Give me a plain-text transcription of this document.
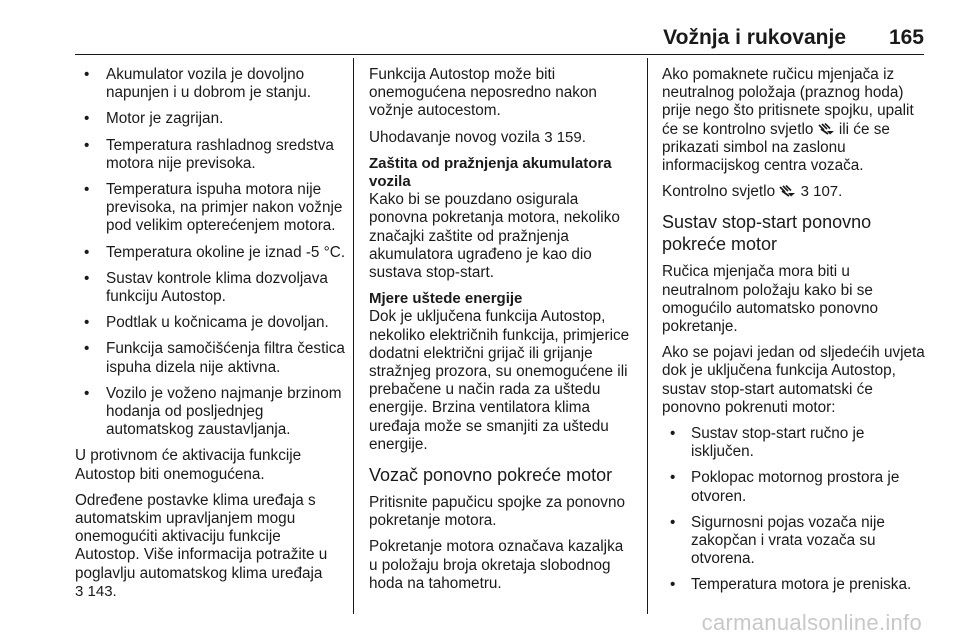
Vožnja i rukovanje 165
• Akumulator vozila je dovoljno napunjen i u dobrom je stanju.
• Motor je zagrijan.
• Temperatura rashladnog sredstva motora nije previsoka.
• Temperatura ispuha motora nije previsoka, na primjer nakon vožnje pod velikim opterećenjem motora.
• Temperatura okoline je iznad -5 °C.
• Sustav kontrole klima dozvoljava funkciju Autostop.
• Podtlak u kočnicama je dovoljan.
• Funkcija samočišćenja filtra čestica ispuha dizela nije aktivna.
• Vozilo je voženo najmanje brzinom hodanja od posljednjeg automatskog zaustavljanja.

U protivnom će aktivacija funkcije Autostop biti onemogućena.

Određene postavke klima uređaja s automatskim upravljanjem mogu onemogućiti aktivaciju funkcije Autostop. Više informacija potražite u poglavlju automatskog klima uređaja
3 143.

Funkcija Autostop može biti onemogućena neposredno nakon vožnje autocestom.

Uhodavanje novog vozila 3 159.

Zaštita od pražnjenja akumulatora vozila

Kako bi se pouzdano osigurala ponovna pokretanja motora, nekoliko značajki zaštite od pražnjenja akumulatora ugrađeno je kao dio sustava stop-start.

Mjere uštede energije

Dok je uključena funkcija Autostop, nekoliko električnih funkcija, primjerice dodatni električni grijač ili grijanje stražnjeg prozora, su onemogućene ili prebačene u način rada za uštedu energije. Brzina ventilatora klima uređaja može se smanjiti za uštedu energije.

Vozač ponovno pokreće motor

Pritisnite papučicu spojke za ponovno pokretanje motora.

Pokretanje motora označava kazaljka u položaju broja okretaja slobodnog hoda na tahometru.

Ako pomaknete ručicu mjenjača iz neutralnog položaja (praznog hoda) prije nego što pritisnete spojku, upalit će se kontrolno svjetlo ili će se prikazati simbol na zaslonu informacijskog centra vozača.

Kontrolno svjetlo 3 107.

Sustav stop-start ponovno pokreće motor

Ručica mjenjača mora biti u neutralnom položaju kako bi se omogućilo automatsko ponovno pokretanje.

Ako se pojavi jedan od sljedećih uvjeta dok je uključena funkcija Autostop, sustav stop-start automatski će ponovno pokrenuti motor:

• Sustav stop-start ručno je isključen.
• Poklopac motornog prostora je otvoren.
• Sigurnosni pojas vozača nije zakopčan i vrata vozača su otvorena.
• Temperatura motora je preniska.
carmanualsonline.info
